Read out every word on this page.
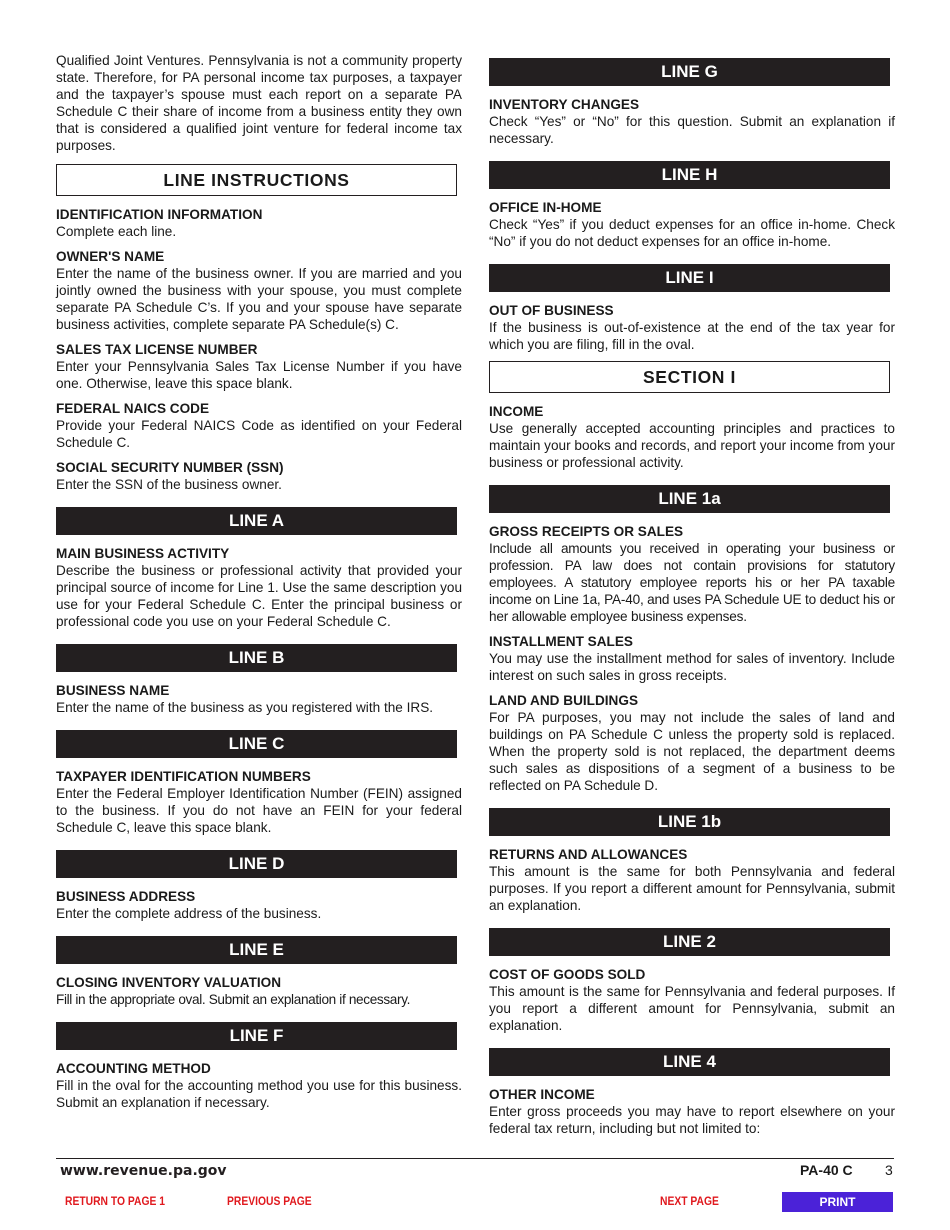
Qualified Joint Ventures. Pennsylvania is not a community property state. Therefore, for PA personal income tax purposes, a taxpayer and the taxpayer’s spouse must each report on a separate PA Schedule C their share of income from a business entity they own that is considered a qualified joint venture for federal income tax purposes.

LINE INSTRUCTIONS
IDENTIFICATION INFORMATION

Complete each line.

OWNER'S NAME

Enter the name of the business owner. If you are married and you jointly owned the business with your spouse, you must complete separate PA Schedule C’s. If you and your spouse have separate business activities, complete separate PA Schedule(s) C.

SALES TAX LICENSE NUMBER

Enter your Pennsylvania Sales Tax License Number if you have one. Otherwise, leave this space blank.

FEDERAL NAICS CODE

Provide your Federal NAICS Code as identified on your Federal Schedule C.

SOCIAL SECURITY NUMBER (SSN)

Enter the SSN of the business owner.

LINE A
MAIN BUSINESS ACTIVITY

Describe the business or professional activity that provided your principal source of income for Line 1. Use the same description you use for your Federal Schedule C. Enter the principal business or professional code you use on your Federal Schedule C.

LINE B
BUSINESS NAME

Enter the name of the business as you registered with the IRS.

LINE C
TAXPAYER IDENTIFICATION NUMBERS

Enter the Federal Employer Identification Number (FEIN) assigned to the business. If you do not have an FEIN for your federal Schedule C, leave this space blank.

LINE D
BUSINESS ADDRESS

Enter the complete address of the business.

LINE E
CLOSING INVENTORY VALUATION

Fill in the appropriate oval. Submit an explanation if necessary.

LINE F
ACCOUNTING METHOD

Fill in the oval for the accounting method you use for this business. Submit an explanation if necessary.

LINE G
INVENTORY CHANGES

Check “Yes” or “No” for this question. Submit an explanation if necessary.

LINE H
OFFICE IN-HOME

Check “Yes” if you deduct expenses for an office in-home. Check “No” if you do not deduct expenses for an office in-home.

LINE I
OUT OF BUSINESS

If the business is out-of-existence at the end of the tax year for which you are filing, fill in the oval.

SECTION I
INCOME

Use generally accepted accounting principles and practices to maintain your books and records, and report your income from your business or professional activity.

LINE 1a
GROSS RECEIPTS OR SALES

Include all amounts you received in operating your business or profession. PA law does not contain provisions for statutory employees. A statutory employee reports his or her PA taxable income on Line 1a, PA-40, and uses PA Schedule UE to deduct his or her allowable employee business expenses.

INSTALLMENT SALES

You may use the installment method for sales of inventory. Include interest on such sales in gross receipts.

LAND AND BUILDINGS

For PA purposes, you may not include the sales of land and buildings on PA Schedule C unless the property sold is replaced. When the property sold is not replaced, the department deems such sales as dispositions of a segment of a business to be reflected on PA Schedule D.

LINE 1b
RETURNS AND ALLOWANCES

This amount is the same for both Pennsylvania and federal purposes. If you report a different amount for Pennsylvania, submit an explanation.

LINE 2
COST OF GOODS SOLD

This amount is the same for Pennsylvania and federal purposes. If you report a different amount for Pennsylvania, submit an explanation.

LINE 4
OTHER INCOME

Enter gross proceeds you may have to report elsewhere on your federal tax return, including but not limited to:

www.revenue.pa.gov	PA-40 C 3
RETURN TO PAGE 1	PREVIOUS PAGE	NEXT PAGE	PRINT
